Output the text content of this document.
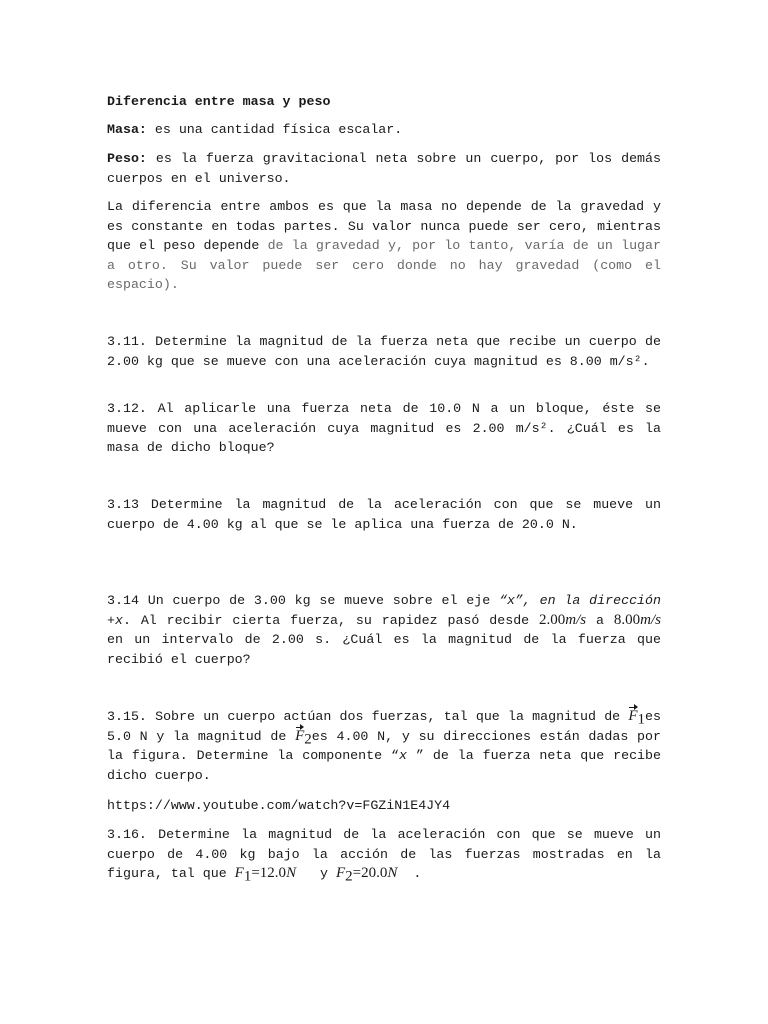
Diferencia entre masa y peso
Masa: es una cantidad física escalar.
Peso: es la fuerza gravitacional neta sobre un cuerpo, por los demás cuerpos en el universo.
La diferencia entre ambos es que la masa no depende de la gravedad y es constante en todas partes. Su valor nunca puede ser cero, mientras que el peso depende de la gravedad y, por lo tanto, varía de un lugar a otro. Su valor puede ser cero donde no hay gravedad (como el espacio).
3.11. Determine la magnitud de la fuerza neta que recibe un cuerpo de 2.00 kg que se mueve con una aceleración cuya magnitud es 8.00 m/s².
3.12. Al aplicarle una fuerza neta de 10.0 N a un bloque, éste se mueve con una aceleración cuya magnitud es 2.00 m/s². ¿Cuál es la masa de dicho bloque?
3.13 Determine la magnitud de la aceleración con que se mueve un cuerpo de 4.00 kg al que se le aplica una fuerza de 20.0 N.
3.14 Un cuerpo de 3.00 kg se mueve sobre el eje “x”, en la dirección +x. Al recibir cierta fuerza, su rapidez pasó desde 2.00m/s a 8.00m/s en un intervalo de 2.00 s. ¿Cuál es la magnitud de la fuerza que recibió el cuerpo?
3.15. Sobre un cuerpo actúan dos fuerzas, tal que la magnitud de $F_1es$ 5.0 N y la magnitud de $F_2es$ 4.00 N, y su direcciones están dadas por la figura. Determine la componente “x ” de la fuerza neta que recibe dicho cuerpo.
https://www.youtube.com/watch?v=FGZiN1E4JY4
3.16. Determine la magnitud de la aceleración con que se mueve un cuerpo de 4.00 kg bajo la acción de las fuerzas mostradas en la figura, tal que $F_1=12.0N$   y $F_2=20.0N$  .
